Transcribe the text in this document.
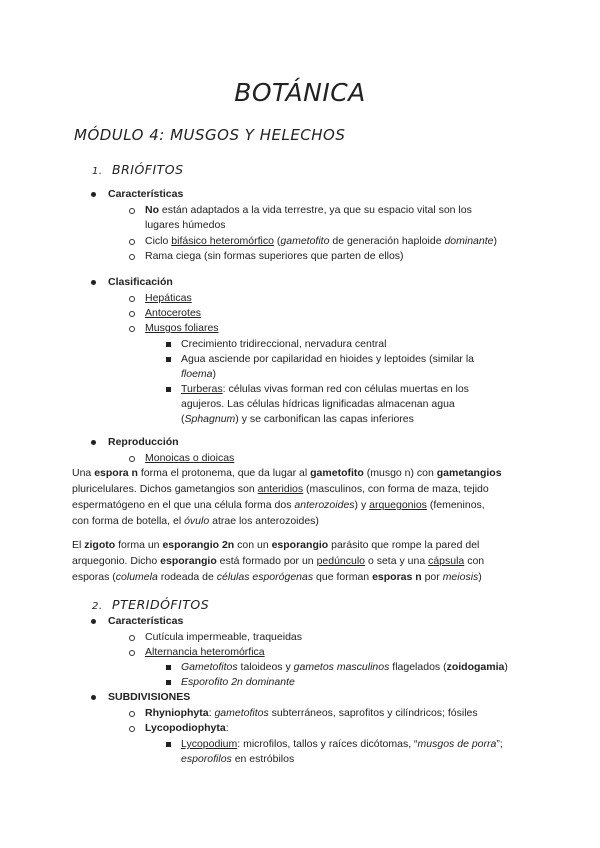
BOTÁNICA
MÓDULO 4: MUSGOS Y HELECHOS
1. BRIÓFITOS
Características
No están adaptados a la vida terrestre, ya que su espacio vital son los
lugares húmedos
Ciclo bifásico heteromórfico (gametofito de generación haploide dominante)
Rama ciega (sin formas superiores que parten de ellos)
Clasificación
Hepáticas
Antocerotes
Musgos foliares
Crecimiento tridireccional, nervadura central
Agua asciende por capilaridad en hioides y leptoides (similar la
floema)
Turberas: células vivas forman red con células muertas en los
agujeros. Las células hídricas lignificadas almacenan agua
(Sphagnum) y se carbonifican las capas inferiores
Reproducción
Monoicas o dioicas
Una espora n forma el protonema, que da lugar al gametofito (musgo n) con gametangios
pluricelulares. Dichos gametangios son anteridios (masculinos, con forma de maza, tejido
espermatógeno en el que una célula forma dos anterozoides) y arquegonios (femeninos,
con forma de botella, el óvulo atrae los anterozoides)
El zigoto forma un esporangio 2n con un esporangio parásito que rompe la pared del
arquegonio. Dicho esporangio está formado por un pedúnculo o seta y una cápsula con
esporas (columela rodeada de células esporógenas que forman esporas n por meiosis)
2. PTERIDÓFITOS
Características
Cutícula impermeable, traqueidas
Alternancia heteromórfica
Gametofitos taloideos y gametos masculinos flagelados (zoidogamia)
Esporofito 2n dominante
SUBDIVISIONES
Rhyniophyta: gametofitos subterráneos, saprofitos y cilíndricos; fósiles
Lycopodiophyta:
Lycopodium: microfilos, tallos y raíces dicótomas, “musgos de porra”;
esporofilos en estróbilos
